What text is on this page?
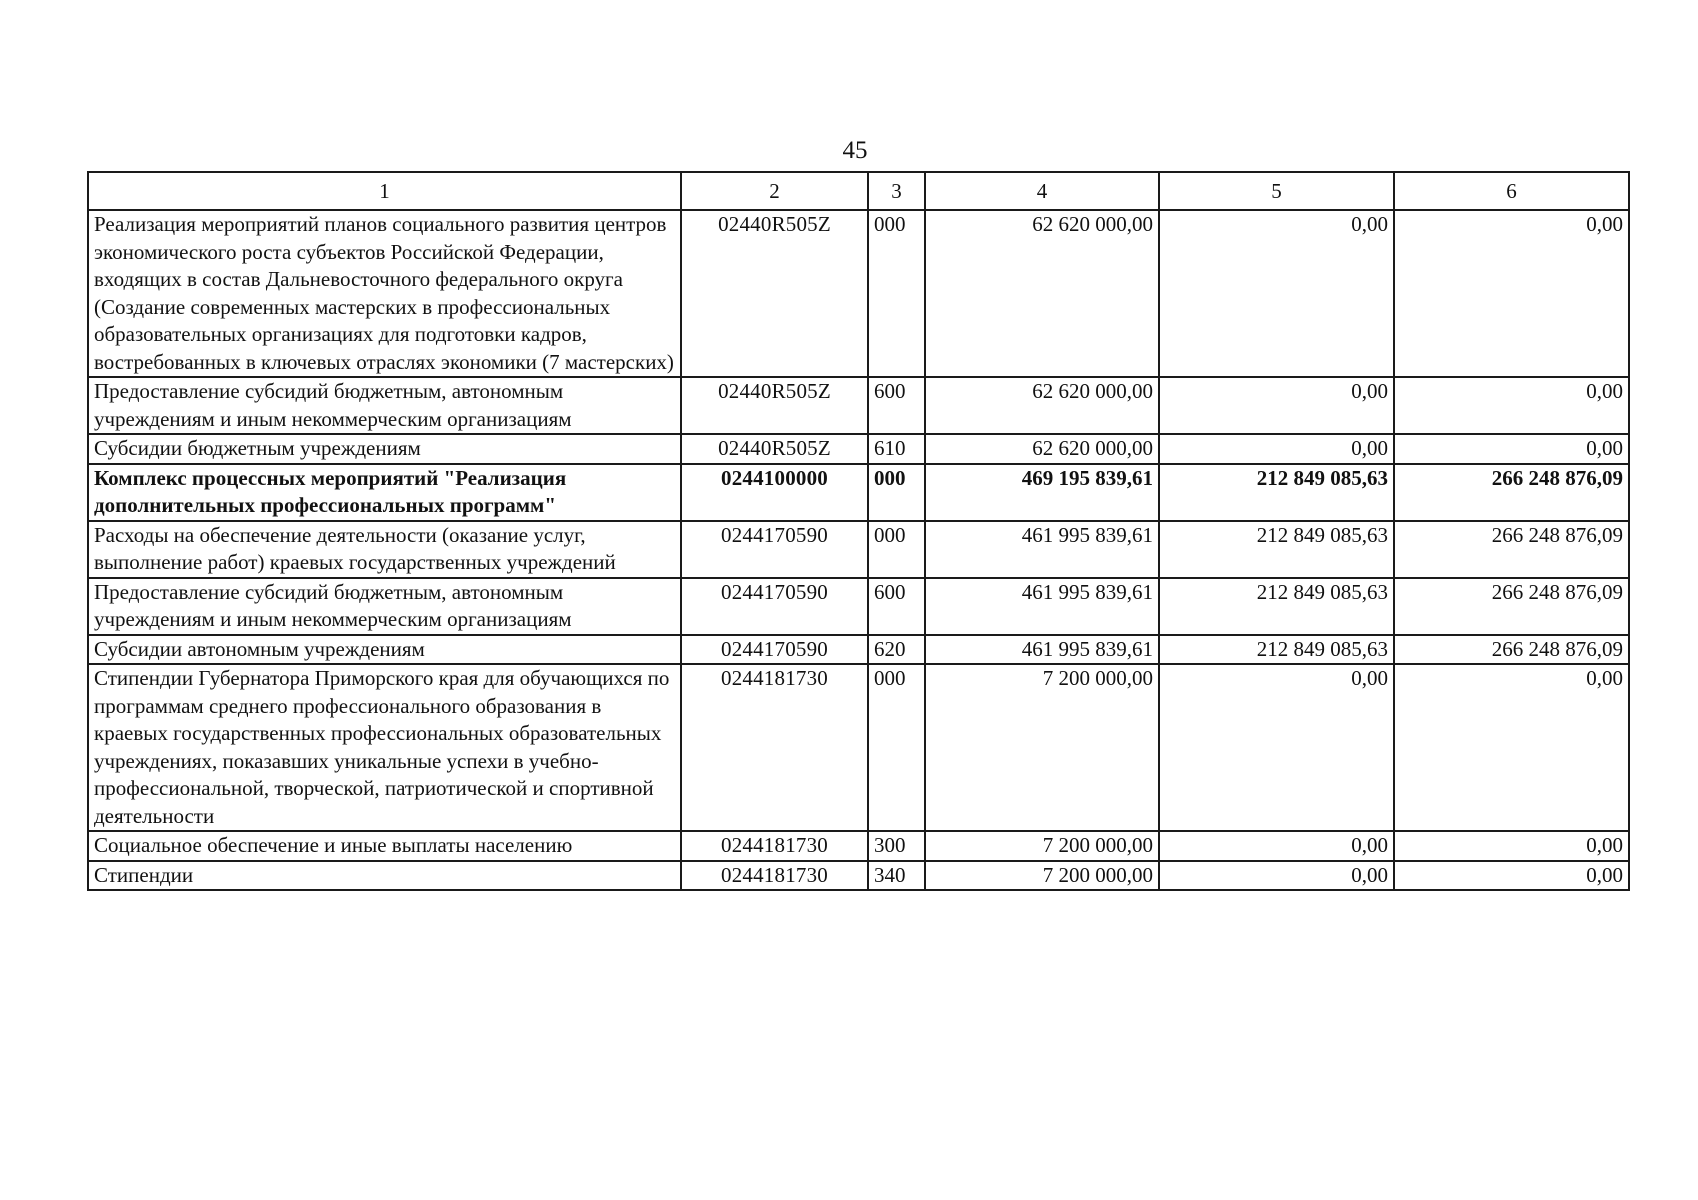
45
1	2	3	4	5	6
Реализация мероприятий планов социального развития центров экономического роста субъектов Российской Федерации, входящих в состав Дальневосточного федерального округа (Создание современных мастерских в профессиональных образовательных организациях для подготовки кадров, востребованных в ключевых отраслях экономики (7 мастерских)	02440R505Z	000	62 620 000,00	0,00	0,00
Предоставление субсидий бюджетным, автономным учреждениям и иным некоммерческим организациям	02440R505Z	600	62 620 000,00	0,00	0,00
Субсидии бюджетным учреждениям	02440R505Z	610	62 620 000,00	0,00	0,00
Комплекс процессных мероприятий "Реализация дополнительных профессиональных программ"	0244100000	000	469 195 839,61	212 849 085,63	266 248 876,09
Расходы на обеспечение деятельности (оказание услуг, выполнение работ) краевых государственных учреждений	0244170590	000	461 995 839,61	212 849 085,63	266 248 876,09
Предоставление субсидий бюджетным, автономным учреждениям и иным некоммерческим организациям	0244170590	600	461 995 839,61	212 849 085,63	266 248 876,09
Субсидии автономным учреждениям	0244170590	620	461 995 839,61	212 849 085,63	266 248 876,09
Стипендии Губернатора Приморского края для обучающихся по программам среднего профессионального образования в краевых государственных профессиональных образовательных учреждениях, показавших уникальные успехи в учебно-профессиональной, творческой, патриотической и спортивной деятельности	0244181730	000	7 200 000,00	0,00	0,00
Социальное обеспечение и иные выплаты населению	0244181730	300	7 200 000,00	0,00	0,00
Стипендии	0244181730	340	7 200 000,00	0,00	0,00
